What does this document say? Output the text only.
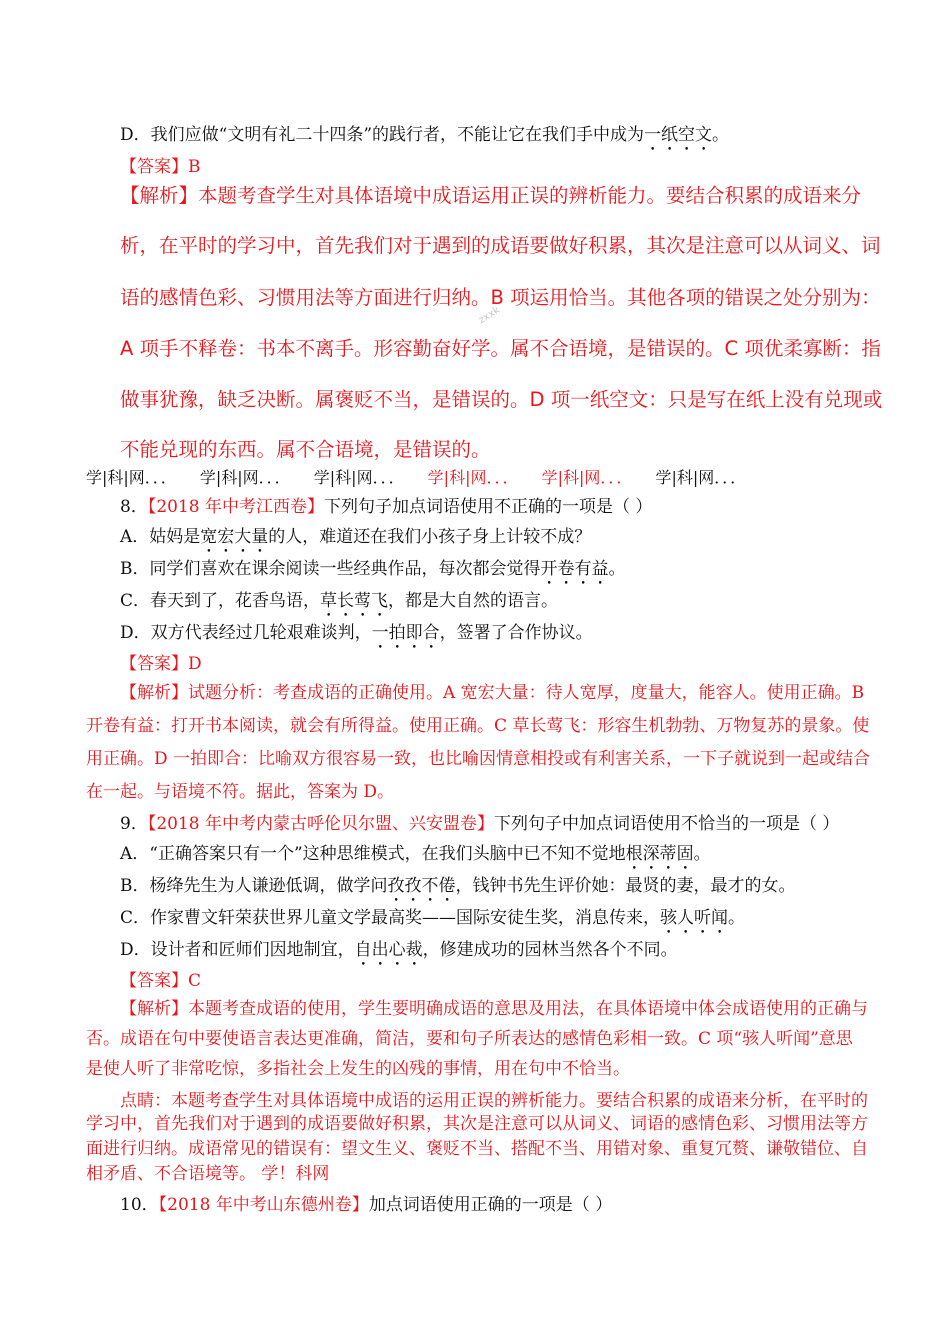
D．我们应做“文明有礼二十四条”的践行者，不能让它在我们手中成为一纸空文。
【答案】B
【解析】本题考查学生对具体语境中成语运用正误的辨析能力。要结合积累的成语来分
析，在平时的学习中，首先我们对于遇到的成语要做好积累，其次是注意可以从词义、词
语的感情色彩、习惯用法等方面进行归纳。B 项运用恰当。其他各项的错误之处分别为：
A 项手不释卷：书本不离手。形容勤奋好学。属不合语境，是错误的。C 项优柔寡断：指
做事犹豫，缺乏决断。属褒贬不当，是错误的。D 项一纸空文：只是写在纸上没有兑现或
不能兑现的东西。属不合语境，是错误的。
zxxk
学|科|网．．． 学|科|网．．． 学|科|网．．． 学|科|网．．． 学|科|网．．． 学|科|网．．．
8．【2018 年中考江西卷】下列句子加点词语使用不正确的一项是（ ）
A．姑妈是宽宏大量的人，难道还在我们小孩子身上计较不成？
B．同学们喜欢在课余阅读一些经典作品，每次都会觉得开卷有益。
C．春天到了，花香鸟语，草长莺飞，都是大自然的语言。
D．双方代表经过几轮艰难谈判，一拍即合，签署了合作协议。
【答案】D
【解析】试题分析：考查成语的正确使用。A 宽宏大量：待人宽厚，度量大，能容人。使用正确。B
开卷有益：打开书本阅读，就会有所得益。使用正确。C 草长莺飞：形容生机勃勃、万物复苏的景象。使
用正确。D 一拍即合：比喻双方很容易一致，也比喻因情意相投或有利害关系，一下子就说到一起或结合
在一起。与语境不符。据此，答案为 D。
9．【2018 年中考内蒙古呼伦贝尔盟、兴安盟卷】下列句子中加点词语使用不恰当的一项是（ ）
A．“正确答案只有一个”这种思维模式，在我们头脑中已不知不觉地根深蒂固。
B．杨绛先生为人谦逊低调，做学问孜孜不倦，钱钟书先生评价她：最贤的妻，最才的女。
C．作家曹文轩荣获世界儿童文学最高奖——国际安徒生奖，消息传来，骇人听闻。
D．设计者和匠师们因地制宜，自出心裁，修建成功的园林当然各个不同。
【答案】C
【解析】本题考查成语的使用，学生要明确成语的意思及用法，在具体语境中体会成语使用的正确与
否。成语在句中要使语言表达更准确，简洁，要和句子所表达的感情色彩相一致。C 项“骇人听闻”意思
是使人听了非常吃惊，多指社会上发生的凶残的事情，用在句中不恰当。
点睛：本题考查学生对具体语境中成语的运用正误的辨析能力。要结合积累的成语来分析，在平时的
学习中，首先我们对于遇到的成语要做好积累，其次是注意可以从词义、词语的感情色彩、习惯用法等方
面进行归纳。成语常见的错误有：望文生义、褒贬不当、搭配不当、用错对象、重复冗赘、谦敬错位、自
相矛盾、不合语境等。 学！科网
10．【2018 年中考山东德州卷】加点词语使用正确的一项是（ ）
